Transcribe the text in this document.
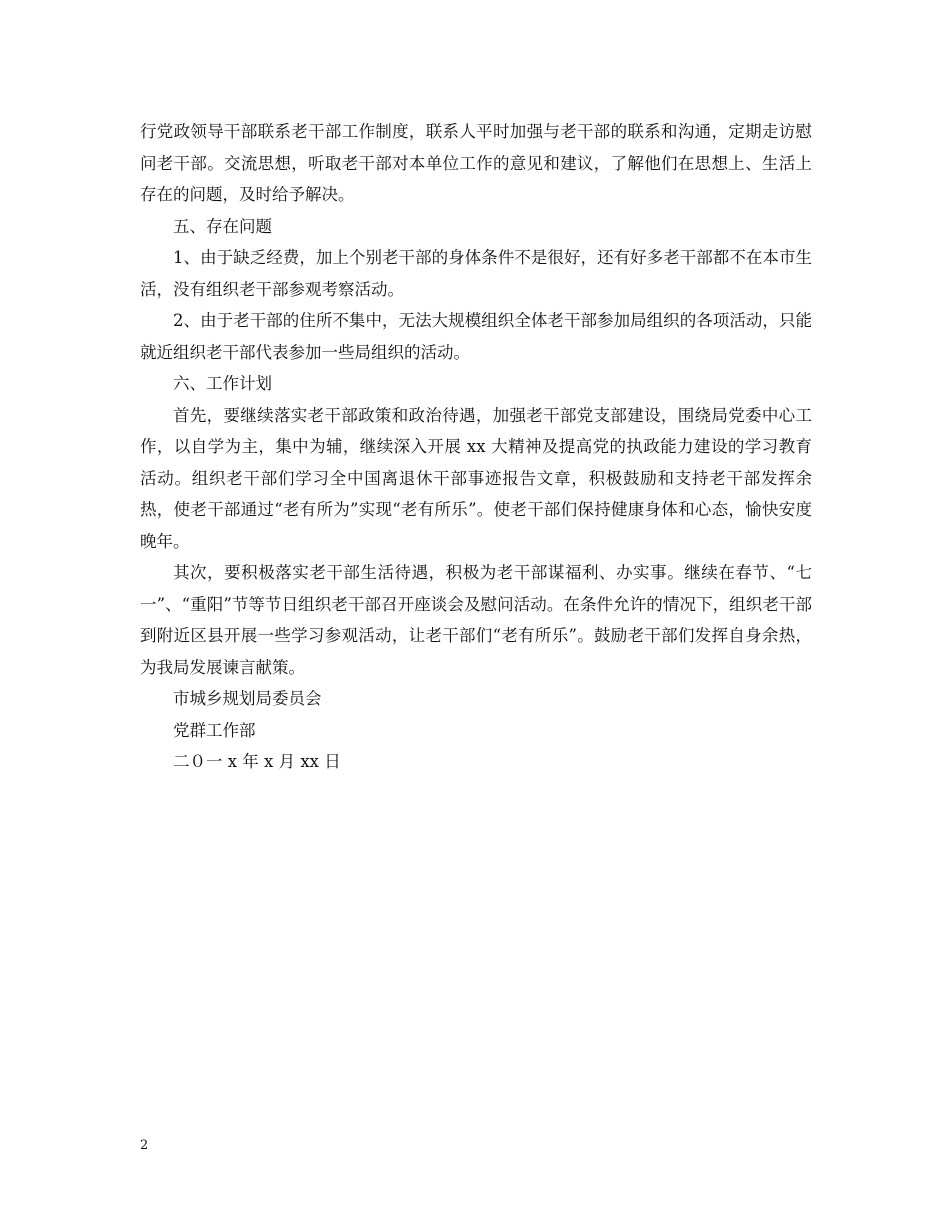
行党政领导干部联系老干部工作制度，联系人平时加强与老干部的联系和沟通，定期走访慰问老干部。交流思想，听取老干部对本单位工作的意见和建议，了解他们在思想上、生活上存在的问题，及时给予解决。

五、存在问题

1、由于缺乏经费，加上个别老干部的身体条件不是很好，还有好多老干部都不在本市生活，没有组织老干部参观考察活动。

2、由于老干部的住所不集中，无法大规模组织全体老干部参加局组织的各项活动，只能就近组织老干部代表参加一些局组织的活动。

六、工作计划

首先，要继续落实老干部政策和政治待遇，加强老干部党支部建设，围绕局党委中心工作，以自学为主，集中为辅，继续深入开展 xx 大精神及提高党的执政能力建设的学习教育活动。组织老干部们学习全中国离退休干部事迹报告文章，积极鼓励和支持老干部发挥余热，使老干部通过“老有所为”实现“老有所乐”。使老干部们保持健康身体和心态，愉快安度晚年。

其次，要积极落实老干部生活待遇，积极为老干部谋福利、办实事。继续在春节、“七一”、“重阳”节等节日组织老干部召开座谈会及慰问活动。在条件允许的情况下，组织老干部到附近区县开展一些学习参观活动，让老干部们“老有所乐”。鼓励老干部们发挥自身余热，为我局发展谏言献策。

市城乡规划局委员会

党群工作部

二０一 x 年 x 月 xx 日

2
